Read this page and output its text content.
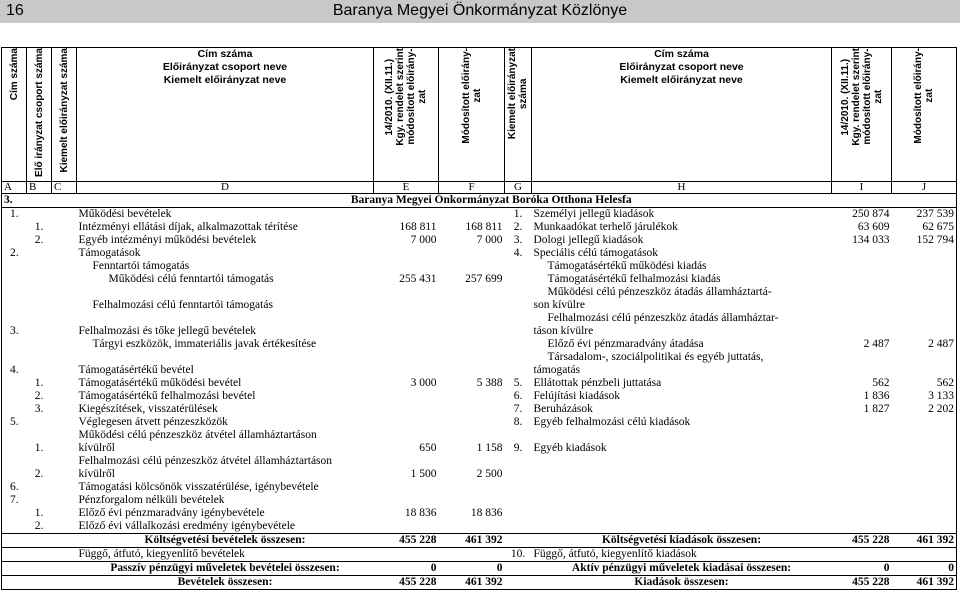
16	Baranya Megyei Önkormányzat Közlönye
Cím száma	Elő irányzat csoport száma	Kiemelt előirányzat száma	Cím száma
Előirányzat csoport neve
Kiemelt előirányzat neve	14/2010. (XII.11.)
Kgy. rendelet szerint
módosított előirány-
zat	Módosított előirány-
zat	Kiemelt előirányzat
száma	Cím száma
Előirányzat csoport neve
Kiemelt előirányzat neve	14/2010. (XII.11.)
Kgy. rendelet szerint
módosított előirány-
zat	Módosított előirány-
zat
A	B	C	D	E	F	G	H	I	J
3.	Baranya Megyei Önkormányzat Boróka Otthona Helesfa								
1.			Működési bevételek			1.	Személyi jellegű kiadások	250 874	237 539
	1.		Intézményi ellátási díjak, alkalmazottak térítése	168 811	168 811	2.	Munkaadókat terhelő járulékok	63 609	62 675
	2.		Egyéb intézményi működési bevételek	7 000	7 000	3.	Dologi jellegű kiadások	134 033	152 794
2.			Támogatások			4.	Speciális célú támogatások		
			Fenntartói támogatás				Támogatásértékű működési kiadás		
			Működési célú fenntartói támogatás	255 431	257 699		Támogatásértékű felhalmozási kiadás		
							Működési célú pénzeszköz átadás államháztartá-		
			Felhalmozási célú fenntartói támogatás				son kívülre		
							Felhalmozási célú pénzeszköz átadás államháztar-		
3.			Felhalmozási és tőke jellegű bevételek				táson kívülre		
			Tárgyi eszközök, immateriális javak értékesítése				Előző évi pénzmaradvány átadása	2 487	2 487
							Társadalom-, szociálpolitikai és egyéb juttatás,		
4.			Támogatásértékű bevétel				támogatás		
	1.		Támogatásértékű működési bevétel	3 000	5 388	5.	Ellátottak pénzbeli juttatása	562	562
	2.		Támogatásértékű felhalmozási bevétel			6.	Felújítási kiadások	1 836	3 133
	3.		Kiegészítések, visszatérülések			7.	Beruházások	1 827	2 202
5.			Véglegesen átvett pénzeszközök			8.	Egyéb felhalmozási célú kiadások		
			Működési célú pénzeszköz átvétel államháztartáson						
	1.		kívülről	650	1 158	9.	Egyéb kiadások		
			Felhalmozási célú pénzeszköz átvétel államháztartáson						
	2.		kívülről	1 500	2 500				
6.			Támogatási kölcsönök visszatérülése, igénybevétele						
7.			Pénzforgalom nélküli bevételek						
	1.		Előző évi pénzmaradvány igénybevétele	18 836	18 836				
	2.		Előző évi vállalkozási eredmény igénybevétele						
			Költségvetési bevételek összesen:	455 228	461 392		Költségvetési kiadások összesen:	455 228	461 392
			Függő, átfutó, kiegyenlítő bevételek			10.	Függő, átfutó, kiegyenlítő kiadások		
			Passzív pénzügyi műveletek bevételei összesen:	0	0		Aktív pénzügyi műveletek kiadásai összesen:	0	0
			Bevételek összesen:	455 228	461 392		Kiadások összesen:	455 228	461 392
